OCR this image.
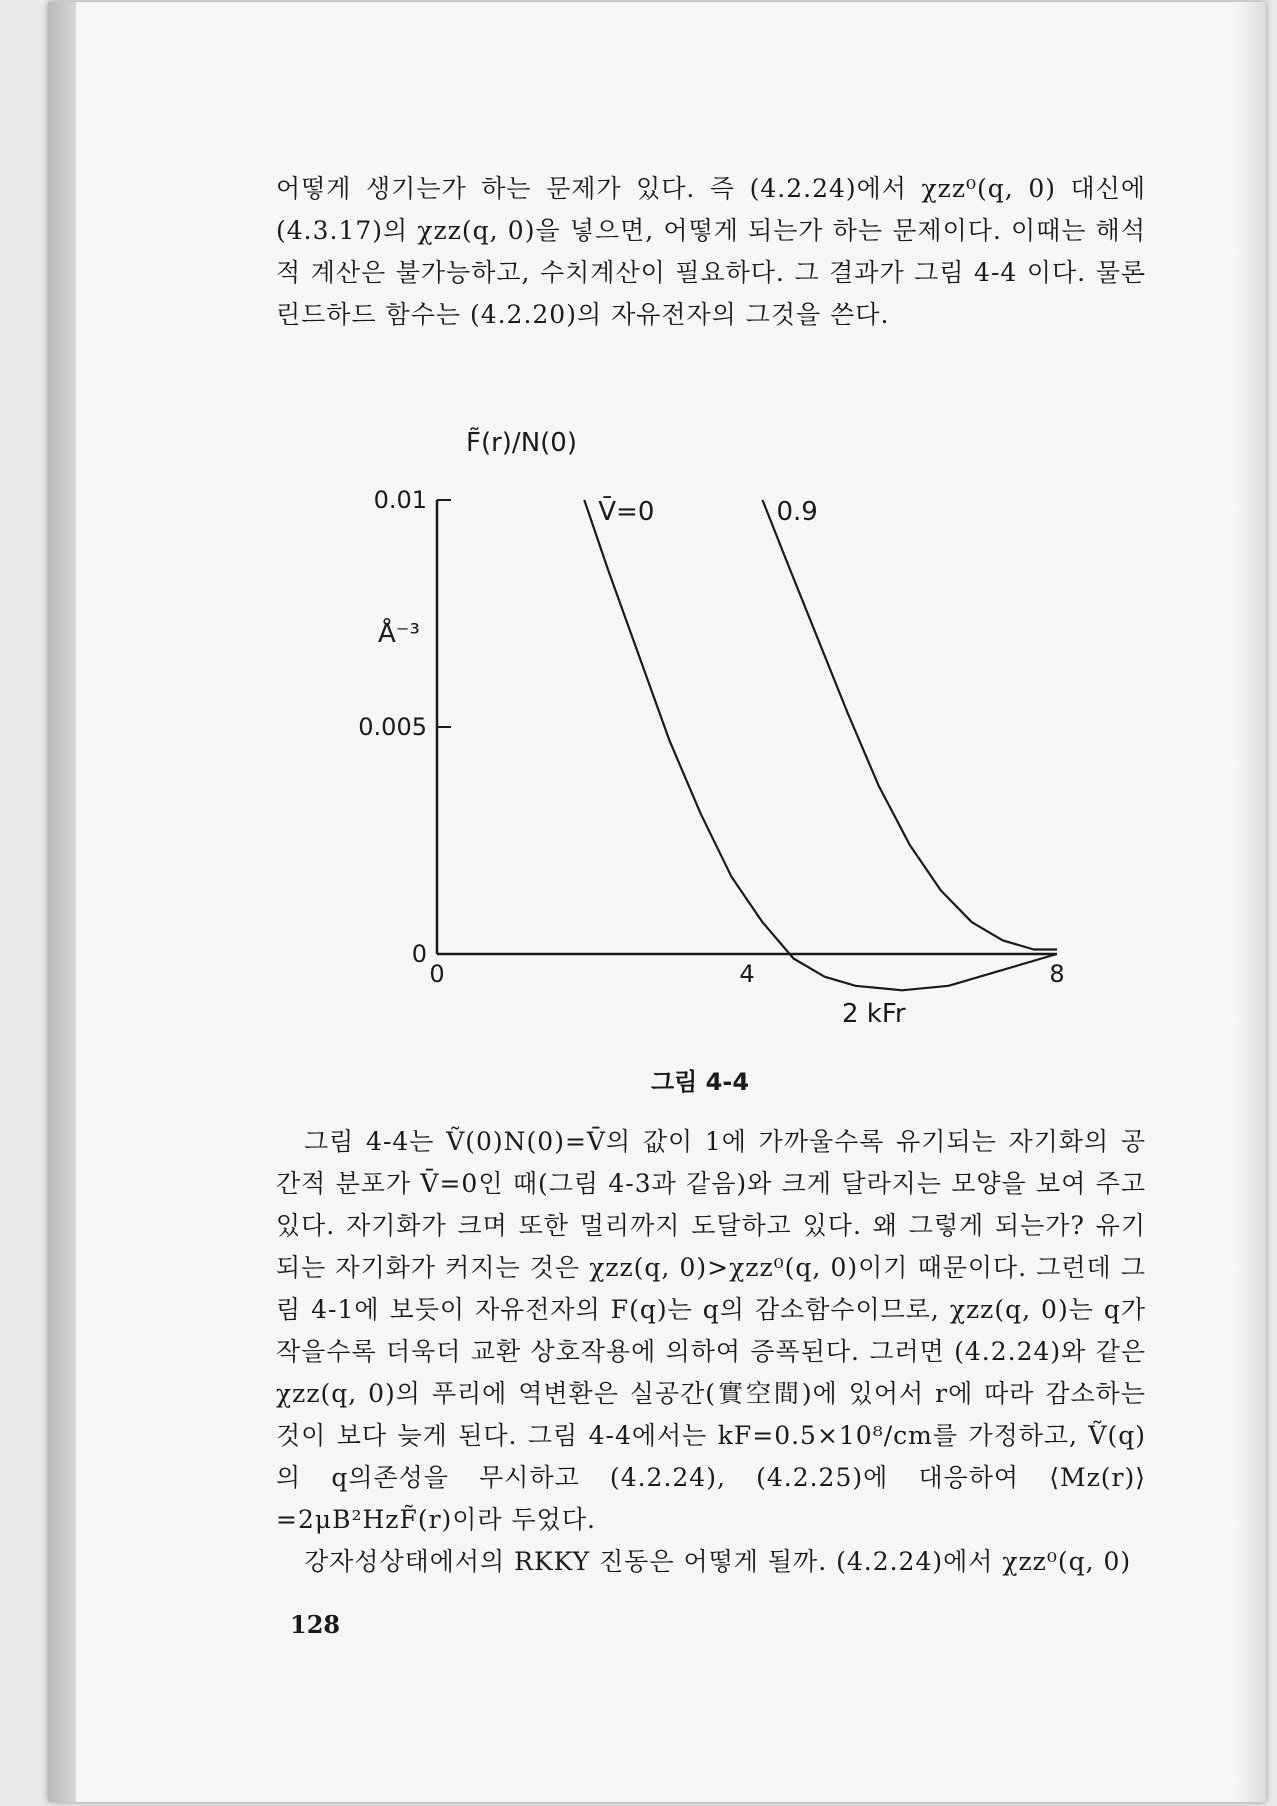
어떻게 생기는가 하는 문제가 있다. 즉 (4.2.24)에서 χzz⁰(q, 0) 대신에 (4.3.17)의 χzz(q, 0)을 넣으면, 어떻게 되는가 하는 문제이다. 이때는 해석적 계산은 불가능하고, 수치계산이 필요하다. 그 결과가 그림 4-4 이다. 물론 린드하드 함수는 (4.2.20)의 자유전자의 그것을 쓴다.

F̃(r)/N(0)
Å⁻³
2 kFr
0
0.005
0.01
0	4	8
V̄=0	0.9
그림 4-4

그림 4-4는 Ṽ(0)N(0)=V̄의 값이 1에 가까울수록 유기되는 자기화의 공간적 분포가 V̄=0인 때(그림 4-3과 같음)와 크게 달라지는 모양을 보여 주고 있다. 자기화가 크며 또한 멀리까지 도달하고 있다. 왜 그렇게 되는가? 유기되는 자기화가 커지는 것은 χzz(q, 0)>χzz⁰(q, 0)이기 때문이다. 그런데 그림 4-1에 보듯이 자유전자의 F(q)는 q의 감소함수이므로, χzz(q, 0)는 q가 작을수록 더욱더 교환 상호작용에 의하여 증폭된다. 그러면 (4.2.24)와 같은 χzz(q, 0)의 푸리에 역변환은 실공간(實空間)에 있어서 r에 따라 감소하는 것이 보다 늦게 된다. 그림 4-4에서는 kF=0.5×10⁸/cm를 가정하고, Ṽ(q)의 q의존성을 무시하고 (4.2.24), (4.2.25)에 대응하여 ⟨Mz(r)⟩=2μB²HzF̃(r)이라 두었다.

강자성상태에서의 RKKY 진동은 어떻게 될까. (4.2.24)에서 χzz⁰(q, 0)

128
